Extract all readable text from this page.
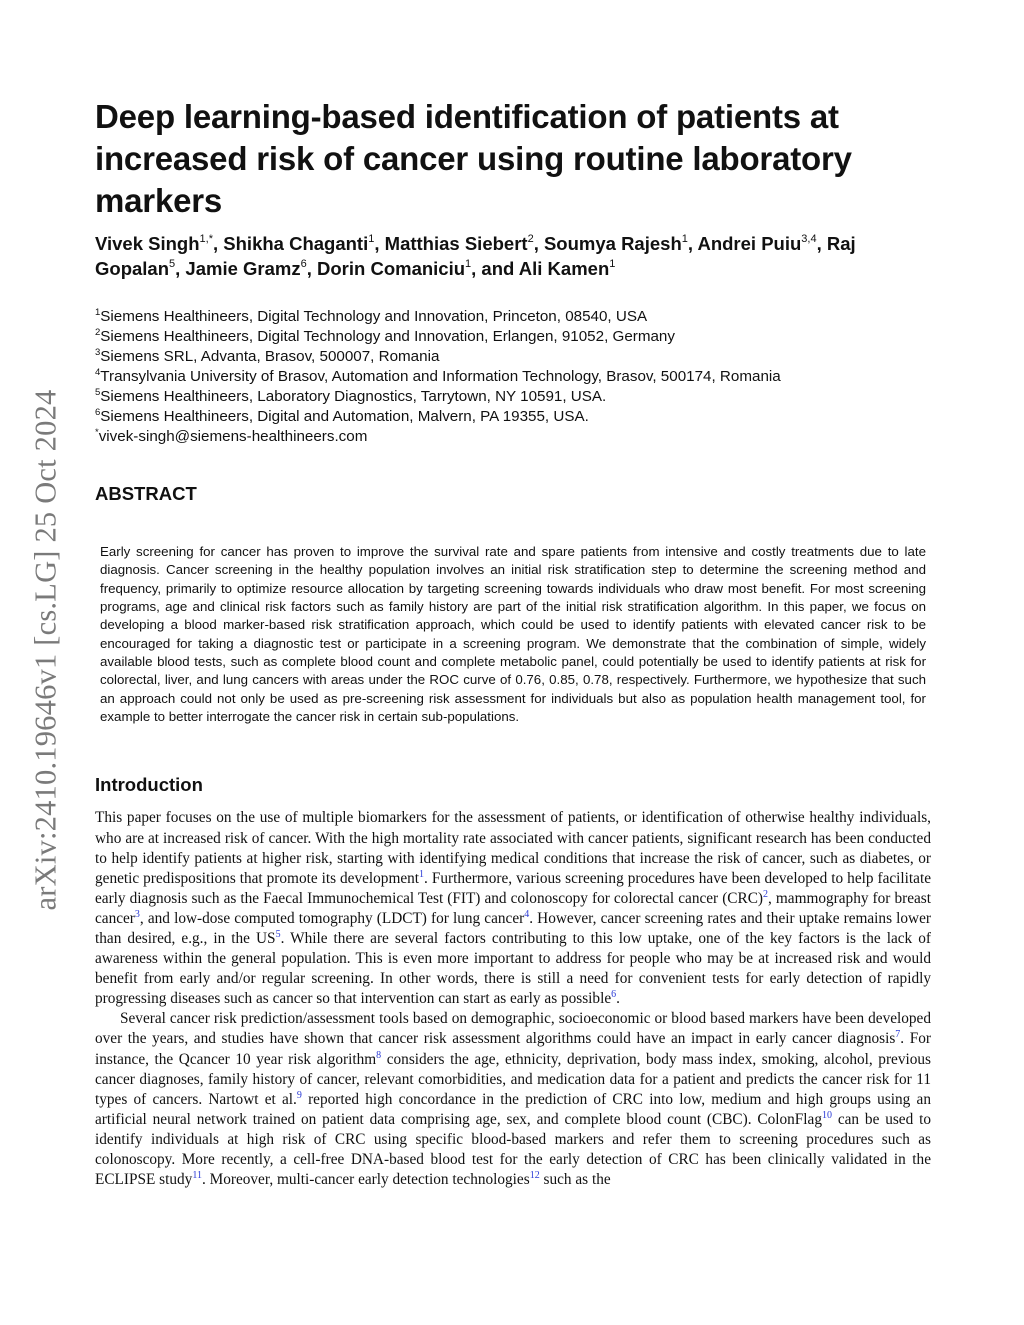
arXiv:2410.19646v1 [cs.LG] 25 Oct 2024
Deep learning-based identification of patients at increased risk of cancer using routine laboratory markers
Vivek Singh$^{1,*}$, Shikha Chaganti$^1$, Matthias Siebert$^2$, Soumya Rajesh$^1$, Andrei Puiu$^{3,4}$, Raj Gopalan$^5$, Jamie Gramz$^6$, Dorin Comaniciu$^1$, and Ali Kamen$^1$
$^1$Siemens Healthineers, Digital Technology and Innovation, Princeton, 08540, USA
$^2$Siemens Healthineers, Digital Technology and Innovation, Erlangen, 91052, Germany
$^3$Siemens SRL, Advanta, Brasov, 500007, Romania
$^4$Transylvania University of Brasov, Automation and Information Technology, Brasov, 500174, Romania
$^5$Siemens Healthineers, Laboratory Diagnostics, Tarrytown, NY 10591, USA.
$^6$Siemens Healthineers, Digital and Automation, Malvern, PA 19355, USA.
*vivek-singh@siemens-healthineers.com
ABSTRACT
Early screening for cancer has proven to improve the survival rate and spare patients from intensive and costly treatments due to late diagnosis. Cancer screening in the healthy population involves an initial risk stratification step to determine the screening method and frequency, primarily to optimize resource allocation by targeting screening towards individuals who draw most benefit. For most screening programs, age and clinical risk factors such as family history are part of the initial risk stratification algorithm. In this paper, we focus on developing a blood marker-based risk stratification approach, which could be used to identify patients with elevated cancer risk to be encouraged for taking a diagnostic test or participate in a screening program. We demonstrate that the combination of simple, widely available blood tests, such as complete blood count and complete metabolic panel, could potentially be used to identify patients at risk for colorectal, liver, and lung cancers with areas under the ROC curve of 0.76, 0.85, 0.78, respectively. Furthermore, we hypothesize that such an approach could not only be used as pre-screening risk assessment for individuals but also as population health management tool, for example to better interrogate the cancer risk in certain sub-populations.
Introduction

This paper focuses on the use of multiple biomarkers for the assessment of patients, or identification of otherwise healthy individuals, who are at increased risk of cancer. With the high mortality rate associated with cancer patients, significant research has been conducted to help identify patients at higher risk, starting with identifying medical conditions that increase the risk of cancer, such as diabetes, or genetic predispositions that promote its development$^1$. Furthermore, various screening procedures have been developed to help facilitate early diagnosis such as the Faecal Immunochemical Test (FIT) and colonoscopy for colorectal cancer (CRC)$^2$, mammography for breast cancer$^3$, and low-dose computed tomography (LDCT) for lung cancer$^4$. However, cancer screening rates and their uptake remains lower than desired, e.g., in the US$^5$. While there are several factors contributing to this low uptake, one of the key factors is the lack of awareness within the general population. This is even more important to address for people who may be at increased risk and would benefit from early and/or regular screening. In other words, there is still a need for convenient tests for early detection of rapidly progressing diseases such as cancer so that intervention can start as early as possible$^6$.

Several cancer risk prediction/assessment tools based on demographic, socioeconomic or blood based markers have been developed over the years, and studies have shown that cancer risk assessment algorithms could have an impact in early cancer diagnosis$^7$. For instance, the Qcancer 10 year risk algorithm$^8$ considers the age, ethnicity, deprivation, body mass index, smoking, alcohol, previous cancer diagnoses, family history of cancer, relevant comorbidities, and medication data for a patient and predicts the cancer risk for 11 types of cancers. Nartowt et al.$^9$ reported high concordance in the prediction of CRC into low, medium and high groups using an artificial neural network trained on patient data comprising age, sex, and complete blood count (CBC). ColonFlag$^{10}$ can be used to identify individuals at high risk of CRC using specific blood-based markers and refer them to screening procedures such as colonoscopy. More recently, a cell-free DNA-based blood test for the early detection of CRC has been clinically validated in the ECLIPSE study$^{11}$. Moreover, multi-cancer early detection technologies$^{12}$ such as the
